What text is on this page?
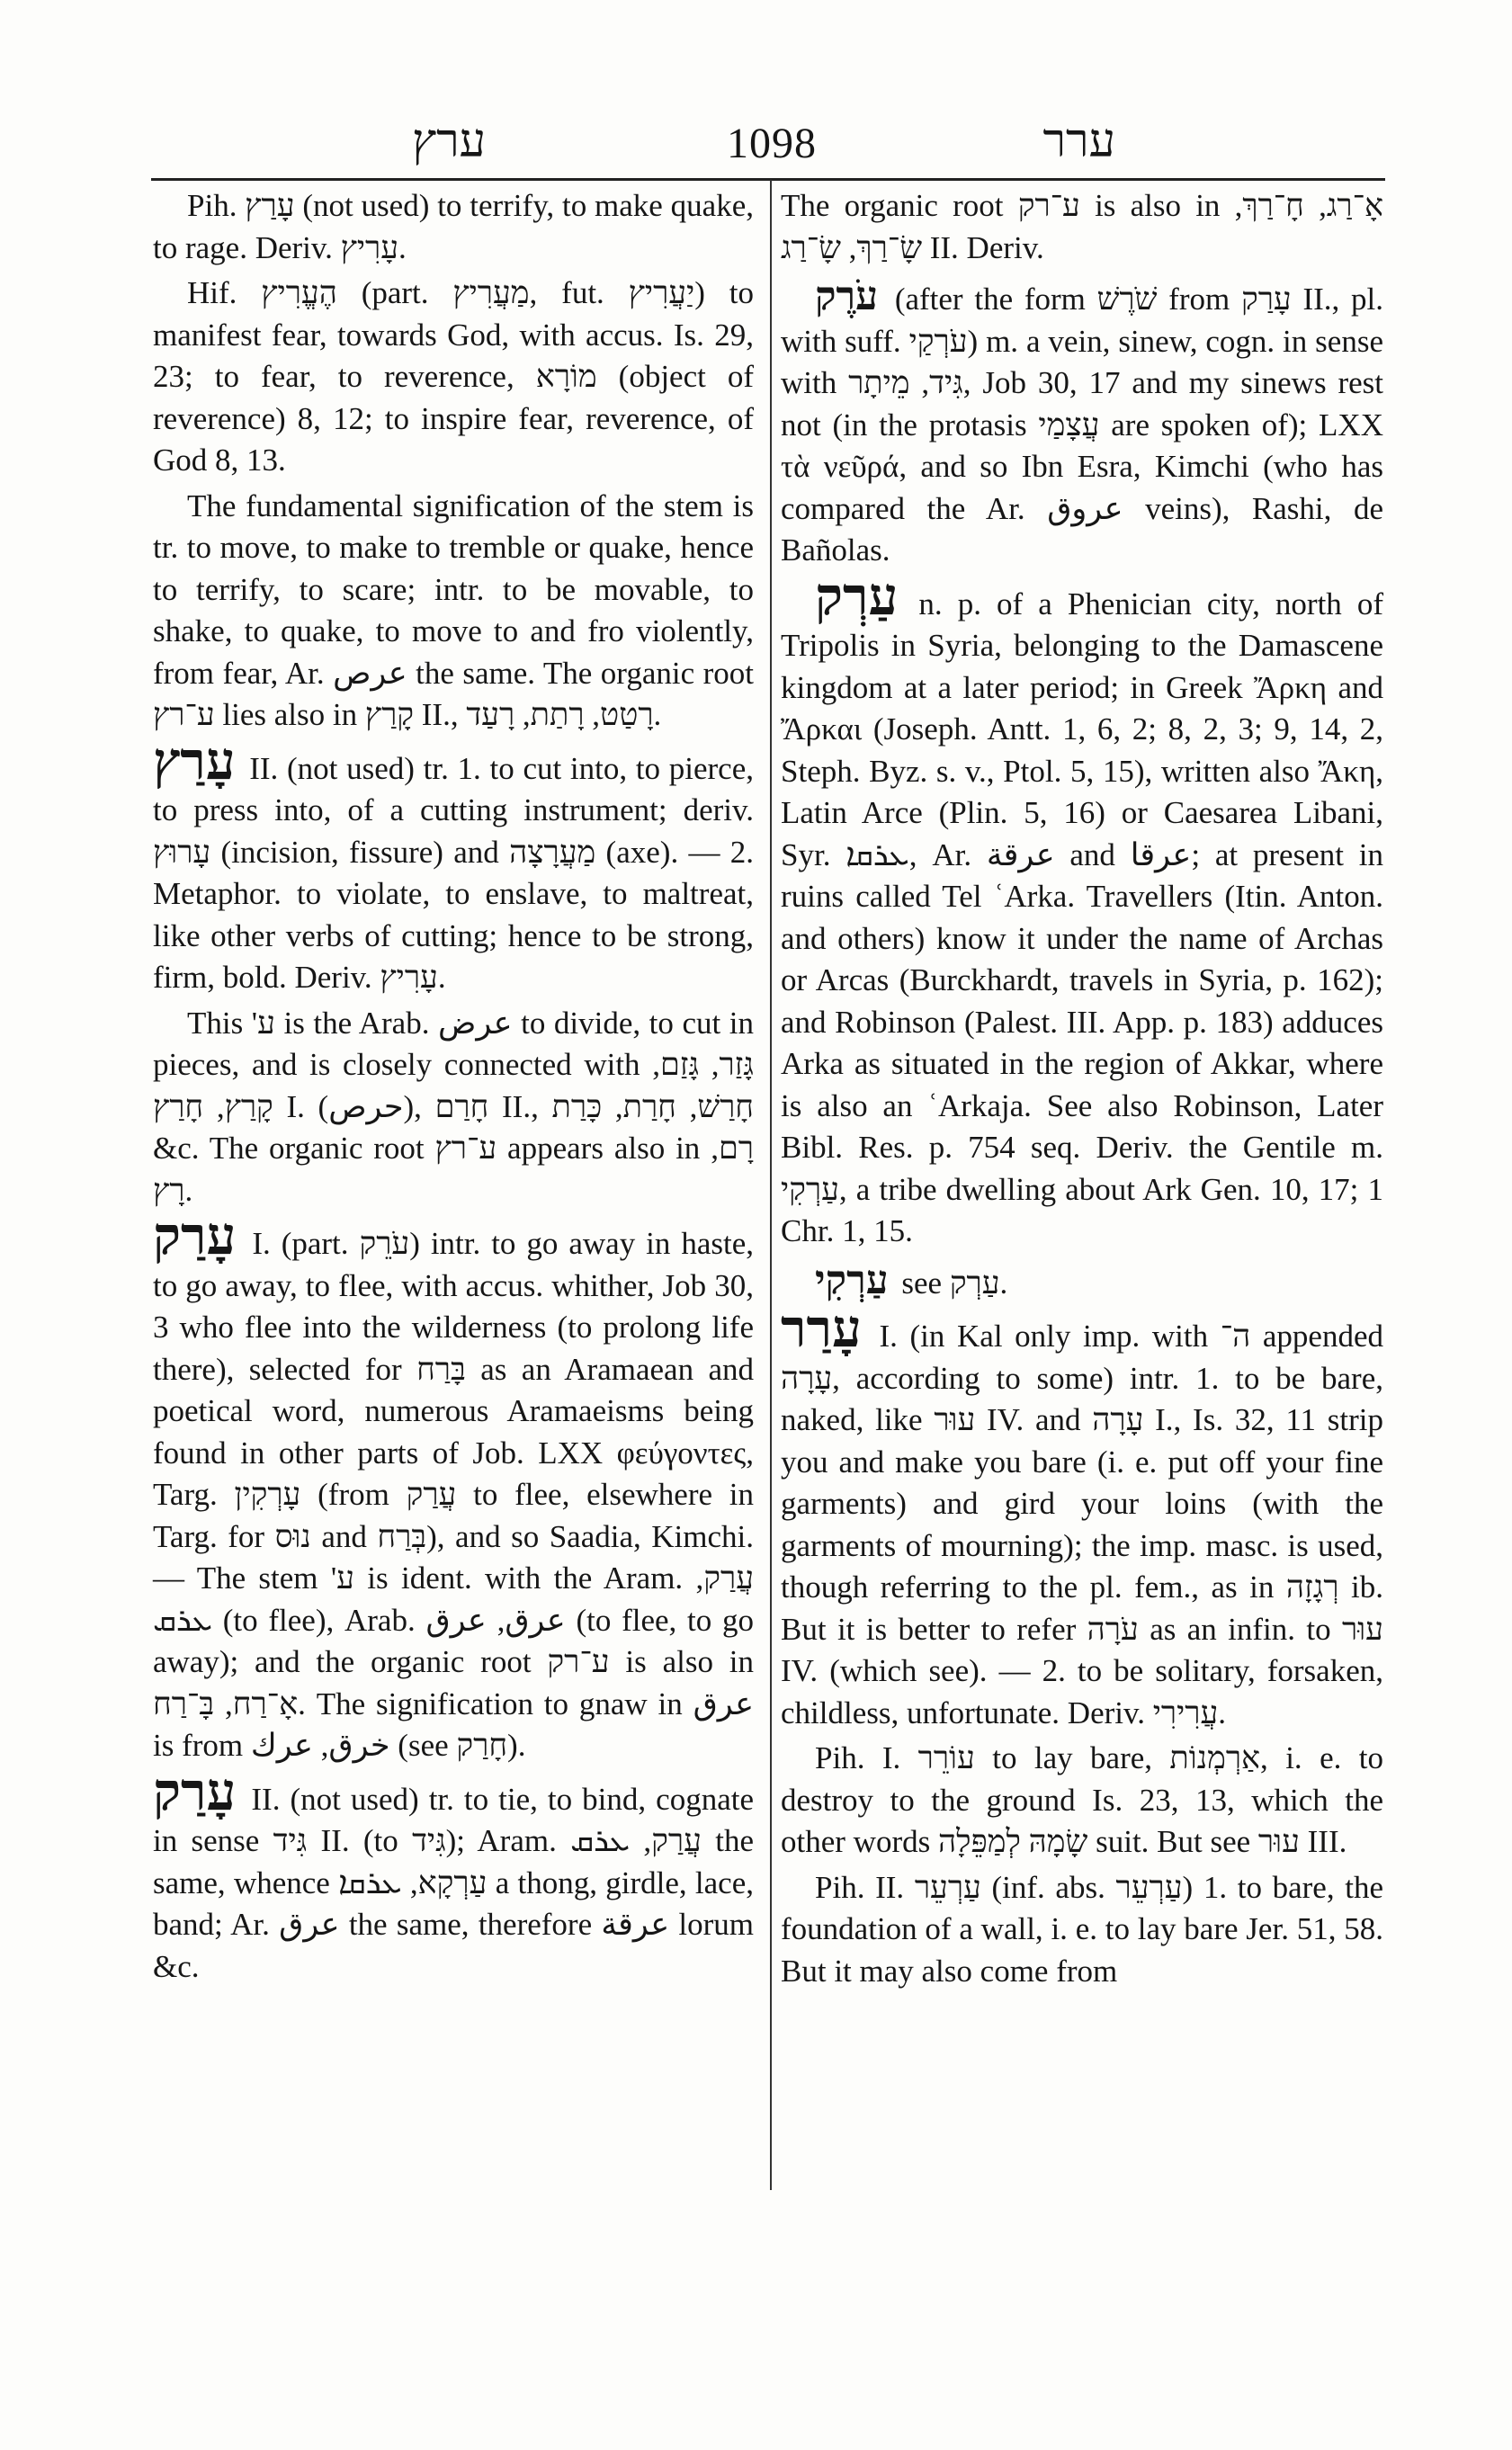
ערץ	1098	ערר

Pih. עָרַץ (not used) to terrify, to make quake, to rage. Deriv. עָרִיץ.

Hif. הֶעֱרִיץ (part. מַעֲרִיץ, fut. יַעֲרִיץ) to manifest fear, towards God, with accus. Is. 29, 23; to fear, to reverence, מוֹרָא (object of reverence) 8, 12; to inspire fear, reverence, of God 8, 13.

The fundamental signification of the stem is tr. to move, to make to tremble or quake, hence to terrify, to scare; intr. to be movable, to shake, to quake, to move to and fro violently, from fear, Ar. عرص the same. The organic root ע־רץ lies also in קָרַץ II., רָטַט, רָתַת, רָעַד.

עָרַץ II. (not used) tr. 1. to cut into, to pierce, to press into, of a cutting instrument; deriv. עָרוּץ (incision, fissure) and מַעֲרָצָה (axe). — 2. Metaphor. to violate, to enslave, to maltreat, like other verbs of cutting; hence to be strong, firm, bold. Deriv. עָרִיץ.

This 'ע is the Arab. عرض to divide, to cut in pieces, and is closely connected with גָּזַר, גָּזַם, קָרַץ, חָרַץ I. (حرص), חָרַם II., חָרַשׁ, חָרַת, כָּרַת &c. The organic root ע־רץ appears also in רָם, רָץ.

עָרַק I. (part. עֹרֵק) intr. to go away in haste, to go away, to flee, with accus. whither, Job 30, 3 who flee into the wilderness (to prolong life there), selected for בָּרַח as an Aramaean and poetical word, numerous Aramaeisms being found in other parts of Job. LXX φεύγοντες, Targ. עָרְקִין (from עֲרַק to flee, elsewhere in Targ. for נוּס and בְּרַח), and so Saadia, Kimchi. — The stem 'ע is ident. with the Aram. עֲרַק, ܥܪܩ (to flee), Arab. عرق, عرق (to flee, to go away); and the organic root ע־רק is also in אָ־רַח, בָּ־רַח. The signification to gnaw in عرق is from خرق, عرك (see חָרַק).

עָרַק II. (not used) tr. to tie, to bind, cognate in sense גִּיד II. (to גִּיד); Aram. עֲרַק, ܥܪܩ the same, whence עַרְקָא, ܥܪܩܐ a thong, girdle, lace, band; Ar. عرق the same, therefore عرقة lorum &c.

The organic root ע־רק is also in אָ־רַג, חָ־רַךְ, שָׂ־רַךְ, שָׂ־רַג II. Deriv.

עֹרֶק (after the form שֹׁרֶשׁ from עָרַק II., pl. with suff. עֹרְקַי) m. a vein, sinew, cogn. in sense with גִּיד, מֵיתָר, Job 30, 17 and my sinews rest not (in the protasis עֲצָמַי are spoken of); LXX τὰ νεῦρά, and so Ibn Esra, Kimchi (who has compared the Ar. عروق veins), Rashi, de Bañolas.

עַרְק n. p. of a Phenician city, north of Tripolis in Syria, belonging to the Damascene kingdom at a later period; in Greek Ἄρκη and Ἄρκαι (Joseph. Antt. 1, 6, 2; 8, 2, 3; 9, 14, 2, Steph. Byz. s. v., Ptol. 5, 15), written also Ἄκη, Latin Arce (Plin. 5, 16) or Caesarea Libani, Syr. ܥܪܩܐ, Ar. عرقة and عرقا; at present in ruins called Tel ʿArka. Travellers (Itin. Anton. and others) know it under the name of Archas or Arcas (Burckhardt, travels in Syria, p. 162); and Robinson (Palest. III. App. p. 183) adduces Arka as situated in the region of Akkar, where is also an ʿArkaja. See also Robinson, Later Bibl. Res. p. 754 seq. Deriv. the Gentile m. עַרְקִי, a tribe dwelling about Ark Gen. 10, 17; 1 Chr. 1, 15.

עַרְקִי see עַרְק.

עָרַר I. (in Kal only imp. with ה־ appended עָרָה, according to some) intr. 1. to be bare, naked, like עוּר IV. and עָרָה I., Is. 32, 11 strip you and make you bare (i. e. put off your fine garments) and gird your loins (with the garments of mourning); the imp. masc. is used, though referring to the pl. fem., as in רְגָזָה ib. But it is better to refer עֹרָה as an infin. to עוּר IV. (which see). — 2. to be solitary, forsaken, childless, unfortunate. Deriv. עֲרִירִי.

Pih. I. עוֹרֵר to lay bare, אַרְמְנוֹת, i. e. to destroy to the ground Is. 23, 13, which the other words שָׂמָהּ לְמַפֵּלָה suit. But see עוּר III.

Pih. II. עַרְעֵר (inf. abs. עַרְעֵר) 1. to bare, the foundation of a wall, i. e. to lay bare Jer. 51, 58. But it may also come from
